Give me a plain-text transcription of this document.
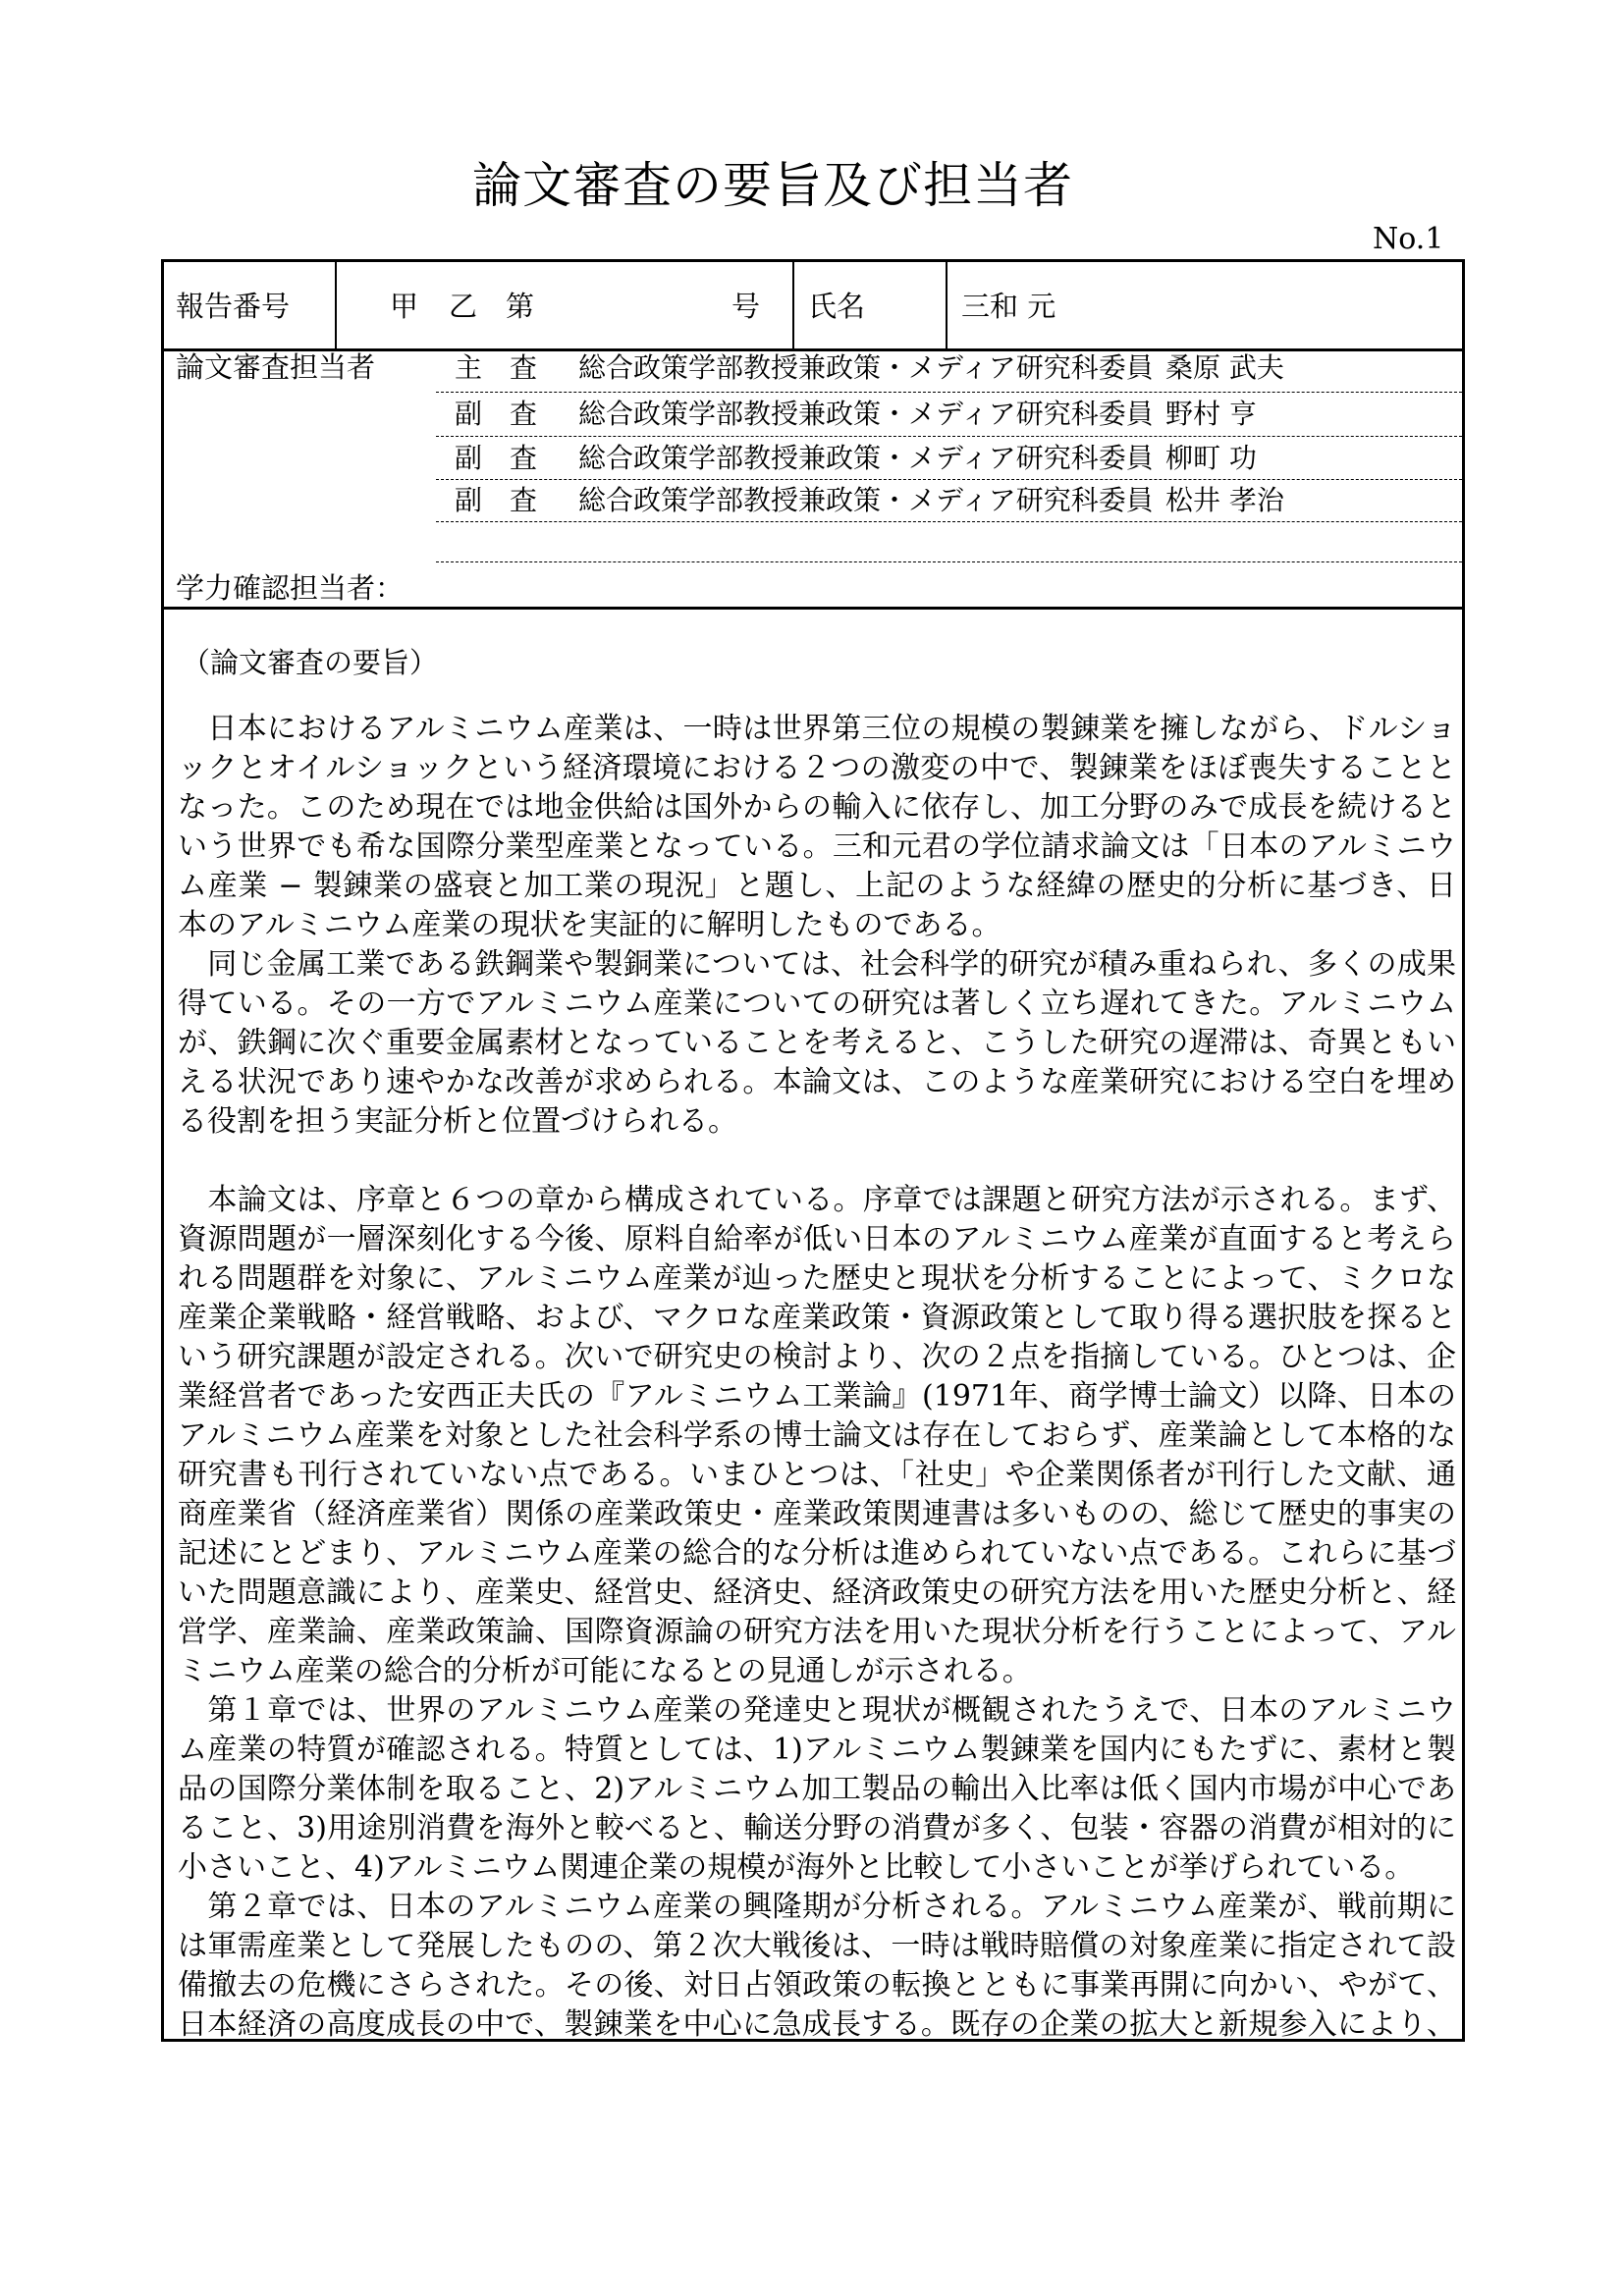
論文審査の要旨及び担当者
No.1
報告番号	甲 乙 第	号 氏名	三和 元
論文審査担当者	主　査 総合政策学部教授兼政策・メディア研究科委員 桑原 武夫
副　査 総合政策学部教授兼政策・メディア研究科委員 野村 亨
副　査 総合政策学部教授兼政策・メディア研究科委員 柳町 功
副　査 総合政策学部教授兼政策・メディア研究科委員 松井 孝治
学力確認担当者：
（論文審査の要旨）
　日本におけるアルミニウム産業は、一時は世界第三位の規模の製錬業を擁しながら、ドルショ
ックとオイルショックという経済環境における２つの激変の中で、製錬業をほぼ喪失することと
なった。このため現在では地金供給は国外からの輸入に依存し、加工分野のみで成長を続けると
いう世界でも希な国際分業型産業となっている。三和元君の学位請求論文は「日本のアルミニウ
ム産業 − 製錬業の盛衰と加工業の現況」と題し、上記のような経緯の歴史的分析に基づき、日
本のアルミニウム産業の現状を実証的に解明したものである。
　同じ金属工業である鉄鋼業や製銅業については、社会科学的研究が積み重ねられ、多くの成果
得ている。その一方でアルミニウム産業についての研究は著しく立ち遅れてきた。アルミニウム
が、鉄鋼に次ぐ重要金属素材となっていることを考えると、こうした研究の遅滞は、奇異ともい
える状況であり速やかな改善が求められる。本論文は、このような産業研究における空白を埋め
る役割を担う実証分析と位置づけられる。
　本論文は、序章と６つの章から構成されている。序章では課題と研究方法が示される。まず、
資源問題が一層深刻化する今後、原料自給率が低い日本のアルミニウム産業が直面すると考えら
れる問題群を対象に、アルミニウム産業が辿った歴史と現状を分析することによって、ミクロな
産業企業戦略・経営戦略、および、マクロな産業政策・資源政策として取り得る選択肢を探ると
いう研究課題が設定される。次いで研究史の検討より、次の２点を指摘している。ひとつは、企
業経営者であった安西正夫氏の『アルミニウム工業論』(1971年、商学博士論文）以降、日本の
アルミニウム産業を対象とした社会科学系の博士論文は存在しておらず、産業論として本格的な
研究書も刊行されていない点である。いまひとつは、「社史」や企業関係者が刊行した文献、通
商産業省（経済産業省）関係の産業政策史・産業政策関連書は多いものの、総じて歴史的事実の
記述にとどまり、アルミニウム産業の総合的な分析は進められていない点である。これらに基づ
いた問題意識により、産業史、経営史、経済史、経済政策史の研究方法を用いた歴史分析と、経
営学、産業論、産業政策論、国際資源論の研究方法を用いた現状分析を行うことによって、アル
ミニウム産業の総合的分析が可能になるとの見通しが示される。
　第１章では、世界のアルミニウム産業の発達史と現状が概観されたうえで、日本のアルミニウ
ム産業の特質が確認される。特質としては、1)アルミニウム製錬業を国内にもたずに、素材と製
品の国際分業体制を取ること、2)アルミニウム加工製品の輸出入比率は低く国内市場が中心であ
ること、3)用途別消費を海外と較べると、輸送分野の消費が多く、包装・容器の消費が相対的に
小さいこと、4)アルミニウム関連企業の規模が海外と比較して小さいことが挙げられている。
　第２章では、日本のアルミニウム産業の興隆期が分析される。アルミニウム産業が、戦前期に
は軍需産業として発展したものの、第２次大戦後は、一時は戦時賠償の対象産業に指定されて設
備撤去の危機にさらされた。その後、対日占領政策の転換とともに事業再開に向かい、やがて、
日本経済の高度成長の中で、製錬業を中心に急成長する。既存の企業の拡大と新規参入により、
